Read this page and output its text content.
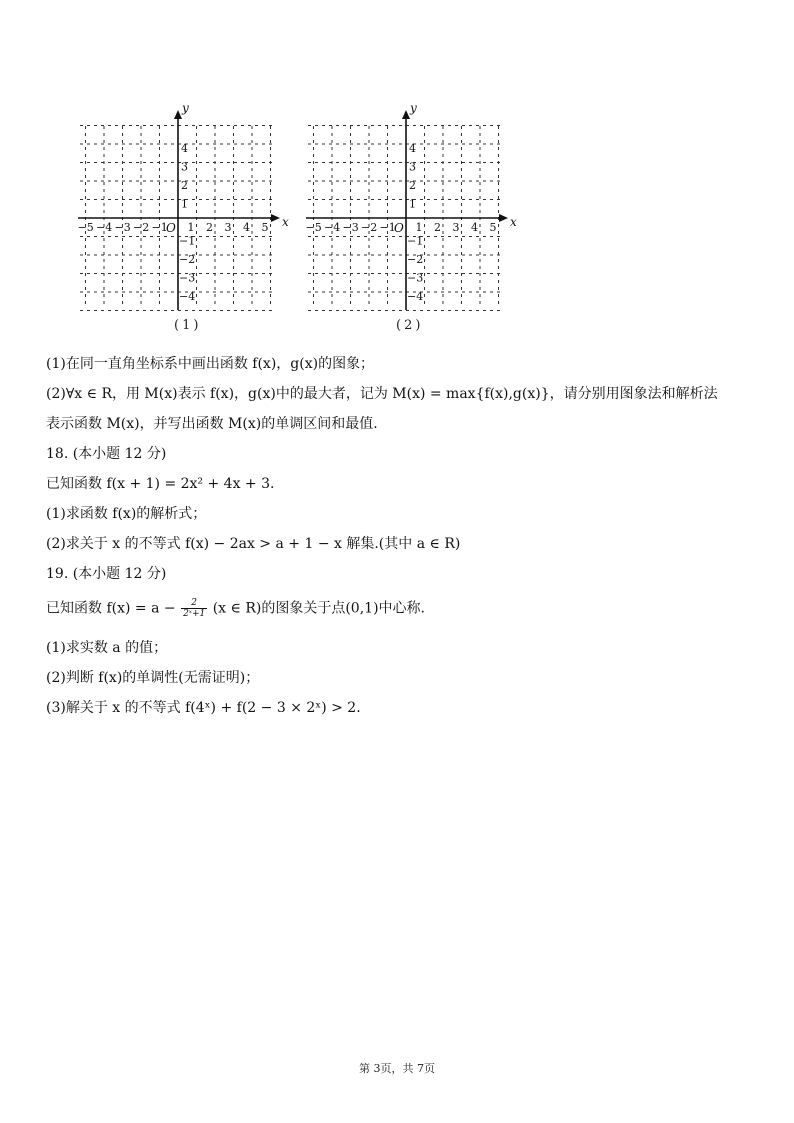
x
y
O
−5 −4 −3 −2 −1 1 2 3 4 5
1
2
3
4
−1
−2
−3
−4
(1)
x
y
O
−5 −4 −3 −2 −1 1 2 3 4 5
1
2
3
4
−1
−2
−3
−4
(2)
(1)在同一直角坐标系中画出函数 f(x)，g(x)的图象；
(2)∀x ∈ R，用 M(x)表示 f(x)，g(x)中的最大者，记为 M(x) = max{f(x),g(x)}，请分别用图象法和解析法
表示函数 M(x)，并写出函数 M(x)的单调区间和最值.
18. (本小题 12 分)
已知函数 f(x + 1) = 2x² + 4x + 3.
(1)求函数 f(x)的解析式；
(2)求关于 x 的不等式 f(x) − 2ax > a + 1 − x 解集.(其中 a ∈ R)
19. (本小题 12 分)
已知函数 $f(x) = a - \frac{2}{\text{2ˣ+1}} (x$ ∈ R)的图象关于点(0,1)中心称.
(1)求实数 a 的值；
(2)判断 f(x)的单调性(无需证明)；
(3)解关于 x 的不等式 f(4ˣ) + f(2 − 3 × 2ˣ) > 2.
第 3页，共 7页
